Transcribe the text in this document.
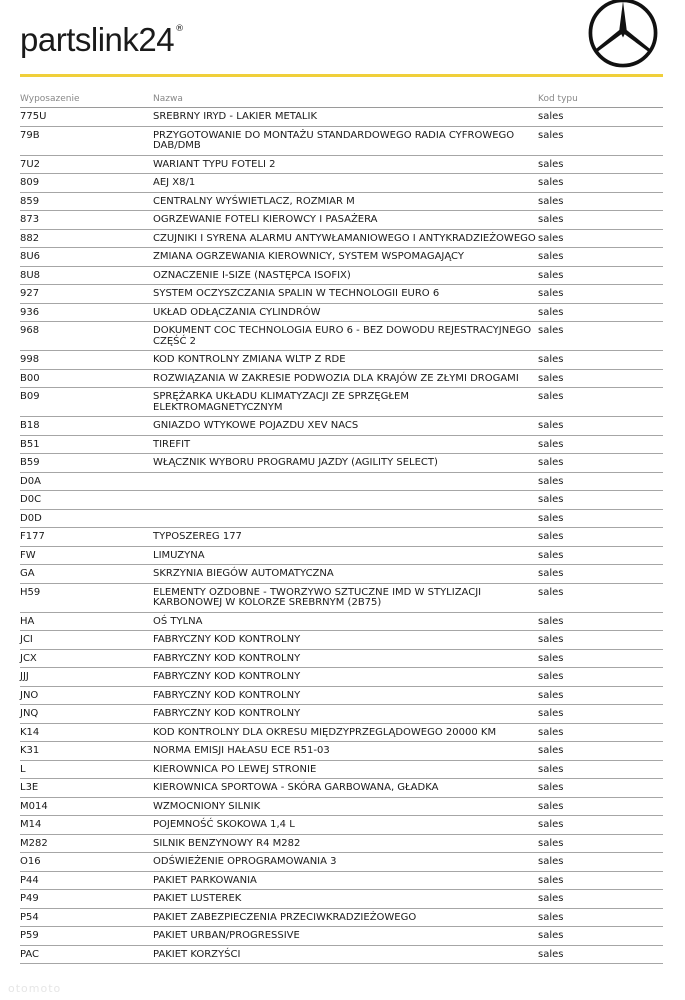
partslink24 ®
Wyposazenie	Nazwa	Kod typu
775U	SREBRNY IRYD - LAKIER METALIK	sales
79B	PRZYGOTOWANIE DO MONTAŻU STANDARDOWEGO RADIA CYFROWEGO DAB/DMB	sales
7U2	WARIANT TYPU FOTELI 2	sales
809	AEJ X8/1	sales
859	CENTRALNY WYŚWIETLACZ, ROZMIAR M	sales
873	OGRZEWANIE FOTELI KIEROWCY I PASAŻERA	sales
882	CZUJNIKI I SYRENA ALARMU ANTYWŁAMANIOWEGO I ANTYKRADZIEŻOWEGO	sales
8U6	ZMIANA OGRZEWANIA KIEROWNICY, SYSTEM WSPOMAGAJĄCY	sales
8U8	OZNACZENIE I-SIZE (NASTĘPCA ISOFIX)	sales
927	SYSTEM OCZYSZCZANIA SPALIN W TECHNOLOGII EURO 6	sales
936	UKŁAD ODŁĄCZANIA CYLINDRÓW	sales
968	DOKUMENT COC TECHNOLOGIA EURO 6 - BEZ DOWODU REJESTRACYJNEGO CZĘŚĆ 2	sales
998	KOD KONTROLNY ZMIANA WLTP Z RDE	sales
B00	ROZWIĄZANIA W ZAKRESIE PODWOZIA DLA KRAJÓW ZE ZŁYMI DROGAMI	sales
B09	SPRĘŻARKA UKŁADU KLIMATYZACJI ZE SPRZĘGŁEM ELEKTROMAGNETYCZNYM	sales
B18	GNIAZDO WTYKOWE POJAZDU XEV NACS	sales
B51	TIREFIT	sales
B59	WŁĄCZNIK WYBORU PROGRAMU JAZDY (AGILITY SELECT)	sales
D0A		sales
D0C		sales
D0D		sales
F177	TYPOSZEREG 177	sales
FW	LIMUZYNA	sales
GA	SKRZYNIA BIEGÓW AUTOMATYCZNA	sales
H59	ELEMENTY OZDOBNE - TWORZYWO SZTUCZNE IMD W STYLIZACJI KARBONOWEJ W KOLORZE SREBRNYM (2B75)	sales
HA	OŚ TYLNA	sales
JCI	FABRYCZNY KOD KONTROLNY	sales
JCX	FABRYCZNY KOD KONTROLNY	sales
JJJ	FABRYCZNY KOD KONTROLNY	sales
JNO	FABRYCZNY KOD KONTROLNY	sales
JNQ	FABRYCZNY KOD KONTROLNY	sales
K14	KOD KONTROLNY DLA OKRESU MIĘDZYPRZEGLĄDOWEGO 20000 KM	sales
K31	NORMA EMISJI HAŁASU ECE R51-03	sales
L	KIEROWNICA PO LEWEJ STRONIE	sales
L3E	KIEROWNICA SPORTOWA - SKÓRA GARBOWANA, GŁADKA	sales
M014	WZMOCNIONY SILNIK	sales
M14	POJEMNOŚĆ SKOKOWA 1,4 L	sales
M282	SILNIK BENZYNOWY R4 M282	sales
O16	ODŚWIEŻENIE OPROGRAMOWANIA 3	sales
P44	PAKIET PARKOWANIA	sales
P49	PAKIET LUSTEREK	sales
P54	PAKIET ZABEZPIECZENIA PRZECIWKRADZIEŻOWEGO	sales
P59	PAKIET URBAN/PROGRESSIVE	sales
PAC	PAKIET KORZYŚCI	sales
otomoto
